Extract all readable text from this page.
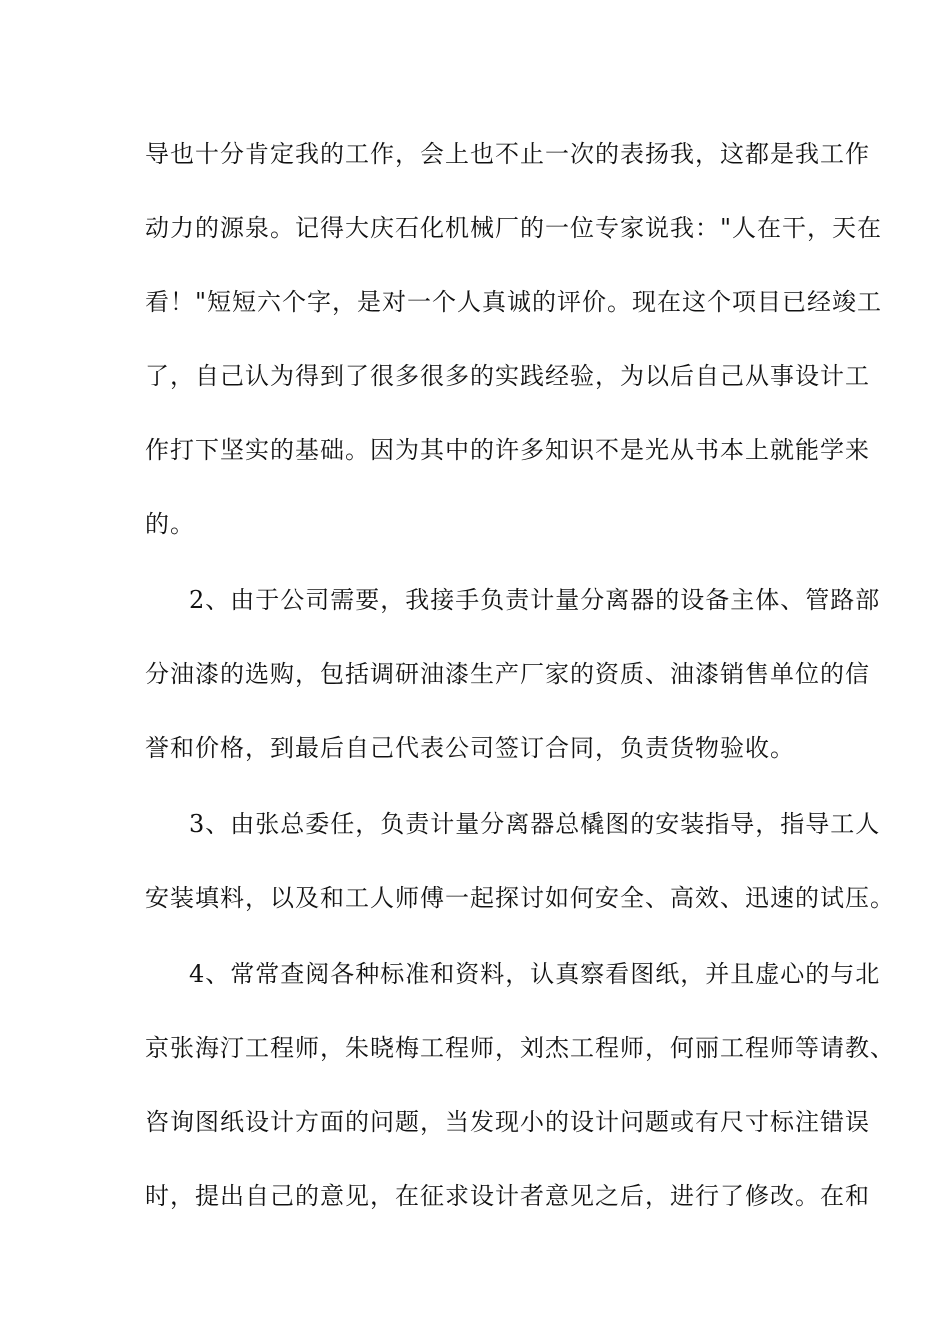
导也十分肯定我的工作，会上也不止一次的表扬我，这都是我工作
动力的源泉。记得大庆石化机械厂的一位专家说我："人在干，天在
看！"短短六个字，是对一个人真诚的评价。现在这个项目已经竣工
了，自己认为得到了很多很多的实践经验，为以后自己从事设计工
作打下坚实的基础。因为其中的许多知识不是光从书本上就能学来
的。
2、由于公司需要，我接手负责计量分离器的设备主体、管路部
分油漆的选购，包括调研油漆生产厂家的资质、油漆销售单位的信
誉和价格，到最后自己代表公司签订合同，负责货物验收。
3、由张总委任，负责计量分离器总橇图的安装指导，指导工人
安装填料，以及和工人师傅一起探讨如何安全、高效、迅速的试压。
4、常常查阅各种标准和资料，认真察看图纸，并且虚心的与北
京张海汀工程师，朱晓梅工程师，刘杰工程师，何丽工程师等请教、
咨询图纸设计方面的问题，当发现小的设计问题或有尺寸标注错误
时，提出自己的意见，在征求设计者意见之后，进行了修改。在和
